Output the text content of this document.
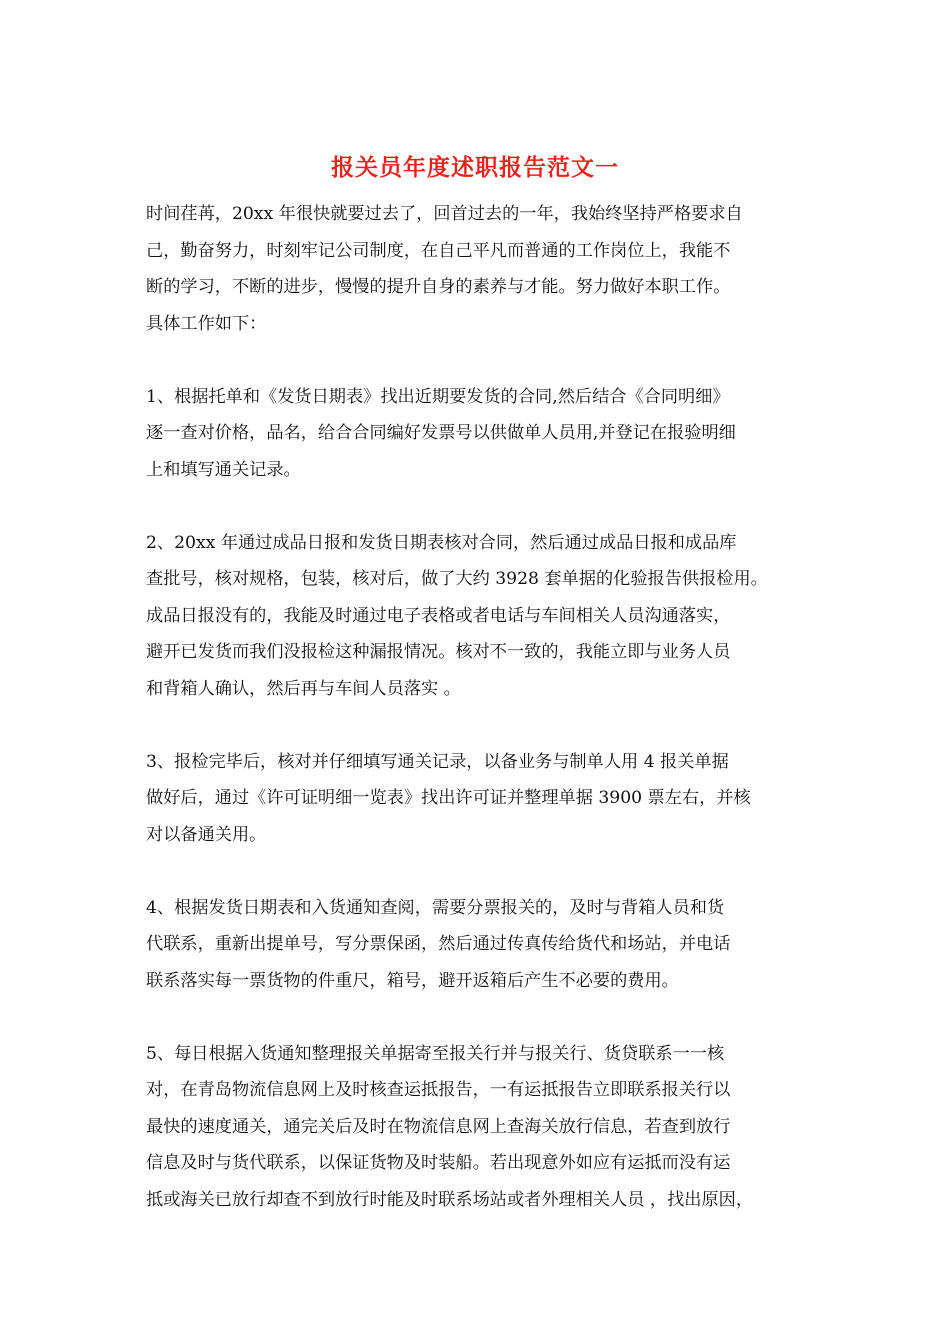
报关员年度述职报告范文一
时间荏苒，20xx 年很快就要过去了，回首过去的一年，我始终坚持严格要求自
己，勤奋努力，时刻牢记公司制度，在自己平凡而普通的工作岗位上，我能不
断的学习，不断的进步，慢慢的提升自身的素养与才能。努力做好本职工作。
具体工作如下：
1、根据托单和《发货日期表》找出近期要发货的合同,然后结合《合同明细》
逐一查对价格，品名，给合合同编好发票号以供做单人员用,并登记在报验明细
上和填写通关记录。
2、20xx 年通过成品日报和发货日期表核对合同，然后通过成品日报和成品库
查批号，核对规格，包装，核对后，做了大约 3928 套单据的化验报告供报检用。
成品日报没有的，我能及时通过电子表格或者电话与车间相关人员沟通落实，
避开已发货而我们没报检这种漏报情况。核对不一致的，我能立即与业务人员
和背箱人确认，然后再与车间人员落实 。
3、报检完毕后，核对并仔细填写通关记录，以备业务与制单人用 4 报关单据
做好后，通过《许可证明细一览表》找出许可证并整理单据 3900 票左右，并核
对以备通关用。
4、根据发货日期表和入货通知查阅，需要分票报关的，及时与背箱人员和货
代联系，重新出提单号，写分票保函，然后通过传真传给货代和场站，并电话
联系落实每一票货物的件重尺，箱号，避开返箱后产生不必要的费用。
5、每日根据入货通知整理报关单据寄至报关行并与报关行、货贷联系一一核
对，在青岛物流信息网上及时核查运抵报告，一有运抵报告立即联系报关行以
最快的速度通关，通完关后及时在物流信息网上查海关放行信息，若查到放行
信息及时与货代联系，以保证货物及时装船。若出现意外如应有运抵而没有运
抵或海关已放行却查不到放行时能及时联系场站或者外理相关人员 ，找出原因，
